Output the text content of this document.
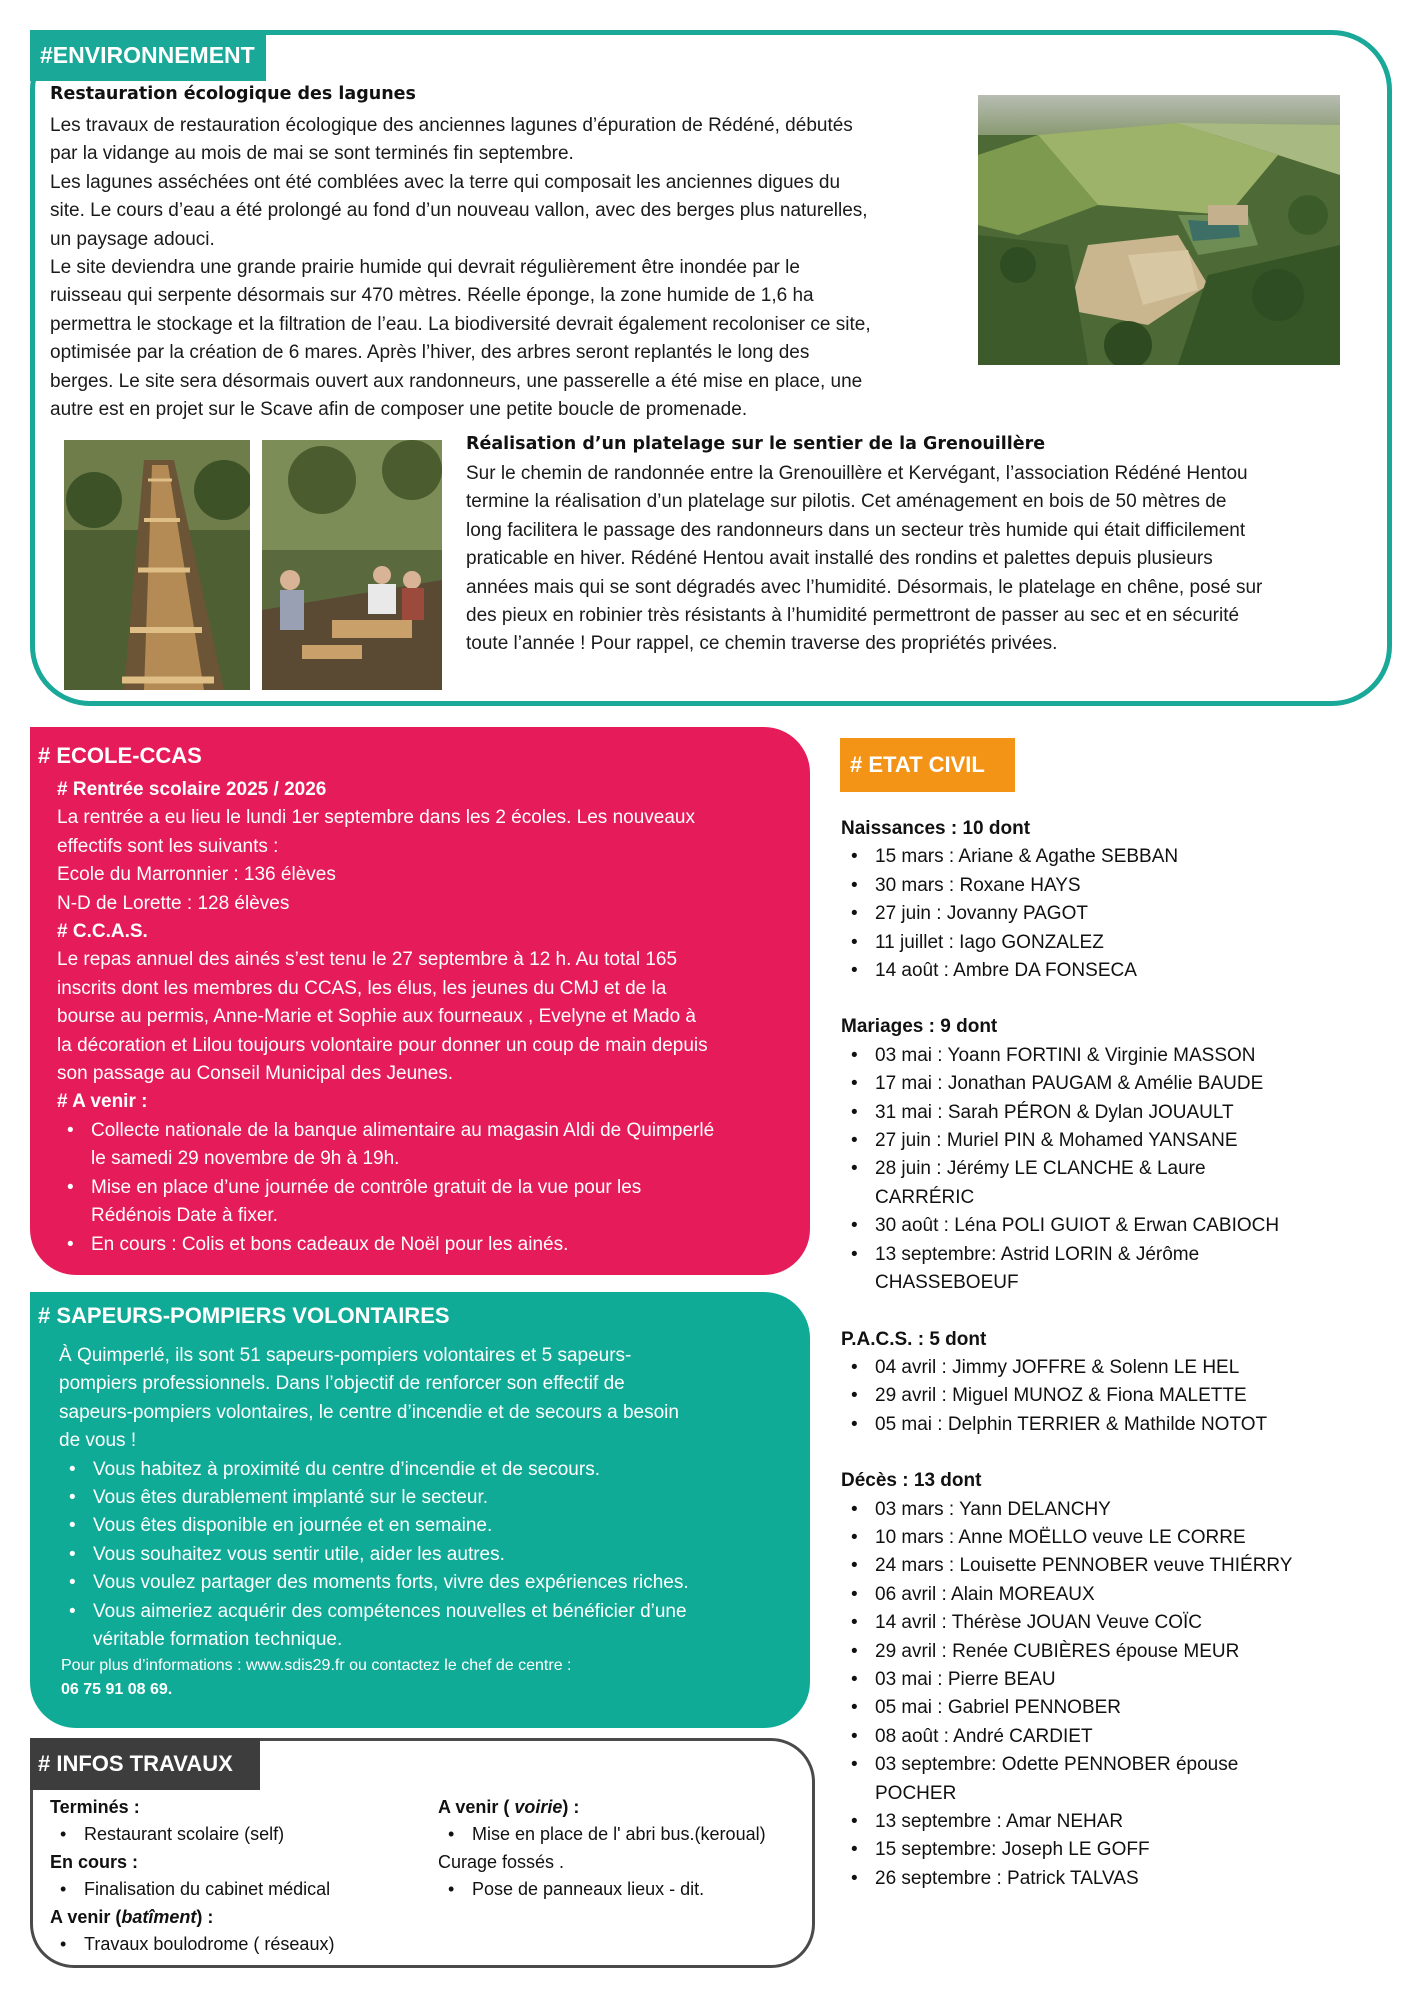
#ENVIRONNEMENT
Restauration écologique des lagunes
Les travaux de restauration écologique des anciennes lagunes d’épuration de Rédéné, débutés
par la vidange au mois de mai se sont terminés fin septembre.
Les lagunes asséchées ont été comblées avec la terre qui composait les anciennes digues du
site. Le cours d’eau a été prolongé au fond d’un nouveau vallon, avec des berges plus naturelles,
un paysage adouci.
Le site deviendra une grande prairie humide qui devrait régulièrement être inondée par le
ruisseau qui serpente désormais sur 470 mètres. Réelle éponge, la zone humide de 1,6 ha
permettra le stockage et la filtration de l’eau. La biodiversité devrait également recoloniser ce site,
optimisée par la création de 6 mares. Après l’hiver, des arbres seront replantés le long des
berges. Le site sera désormais ouvert aux randonneurs, une passerelle a été mise en place, une
autre est en projet sur le Scave afin de composer une petite boucle de promenade.
Réalisation d’un platelage sur le sentier de la Grenouillère
Sur le chemin de randonnée entre la Grenouillère et Kervégant, l’association Rédéné Hentou
termine la réalisation d’un platelage sur pilotis. Cet aménagement en bois de 50 mètres de
long facilitera le passage des randonneurs dans un secteur très humide qui était difficilement
praticable en hiver. Rédéné Hentou avait installé des rondins et palettes depuis plusieurs
années mais qui se sont dégradés avec l’humidité. Désormais, le platelage en chêne, posé sur
des pieux en robinier très résistants à l’humidité permettront de passer au sec et en sécurité
toute l’année ! Pour rappel, ce chemin traverse des propriétés privées.
# ECOLE-CCAS
# Rentrée scolaire 2025 / 2026
La rentrée a eu lieu le lundi 1er septembre dans les 2 écoles. Les nouveaux
effectifs sont les suivants :
Ecole du Marronnier : 136 élèves
N-D de Lorette : 128 élèves
# C.C.A.S.
Le repas annuel des ainés s’est tenu le 27 septembre à 12 h. Au total 165
inscrits dont les membres du CCAS, les élus, les jeunes du CMJ et de la
bourse au permis, Anne-Marie et Sophie aux fourneaux , Evelyne et Mado à
la décoration et Lilou toujours volontaire pour donner un coup de main depuis
son passage au Conseil Municipal des Jeunes.
# A venir :
• Collecte nationale de la banque alimentaire au magasin Aldi de Quimperlé
le samedi 29 novembre de 9h à 19h.
• Mise en place d’une journée de contrôle gratuit de la vue pour les
Rédénois Date à fixer.
• En cours : Colis et bons cadeaux de Noël pour les ainés.
# SAPEURS-POMPIERS VOLONTAIRES
À Quimperlé, ils sont 51 sapeurs-pompiers volontaires et 5 sapeurs-
pompiers professionnels. Dans l’objectif de renforcer son effectif de
sapeurs-pompiers volontaires, le centre d’incendie et de secours a besoin
de vous !
• Vous habitez à proximité du centre d’incendie et de secours.
• Vous êtes durablement implanté sur le secteur.
• Vous êtes disponible en journée et en semaine.
• Vous souhaitez vous sentir utile, aider les autres.
• Vous voulez partager des moments forts, vivre des expériences riches.
• Vous aimeriez acquérir des compétences nouvelles et bénéficier d’une
véritable formation technique.
Pour plus d’informations : www.sdis29.fr ou contactez le chef de centre :
06 75 91 08 69.
# INFOS TRAVAUX
Terminés :
• Restaurant scolaire (self)
En cours :
• Finalisation du cabinet médical
A venir (batîment) :
• Travaux boulodrome ( réseaux)
A venir ( voirie) :
• Mise en place de l' abri bus.(keroual)
Curage fossés .
• Pose de panneaux lieux - dit.
# ETAT CIVIL
Naissances : 10 dont
• 15 mars : Ariane & Agathe SEBBAN
• 30 mars : Roxane HAYS
• 27 juin : Jovanny PAGOT
• 11 juillet : Iago GONZALEZ
• 14 août : Ambre DA FONSECA
Mariages : 9 dont
• 03 mai : Yoann FORTINI & Virginie MASSON
• 17 mai : Jonathan PAUGAM & Amélie BAUDE
• 31 mai : Sarah PÉRON & Dylan JOUAULT
• 27 juin : Muriel PIN & Mohamed YANSANE
• 28 juin : Jérémy LE CLANCHE & Laure
CARRÉRIC
• 30 août : Léna POLI GUIOT & Erwan CABIOCH
• 13 septembre: Astrid LORIN & Jérôme
CHASSEBOEUF
P.A.C.S. : 5 dont
• 04 avril : Jimmy JOFFRE & Solenn LE HEL
• 29 avril : Miguel MUNOZ & Fiona MALETTE
• 05 mai : Delphin TERRIER & Mathilde NOTOT
Décès : 13 dont
• 03 mars : Yann DELANCHY
• 10 mars : Anne MOËLLO veuve LE CORRE
• 24 mars : Louisette PENNOBER veuve THIÉRRY
• 06 avril : Alain MOREAUX
• 14 avril : Thérèse JOUAN Veuve COÏC
• 29 avril : Renée CUBIÈRES épouse MEUR
• 03 mai : Pierre BEAU
• 05 mai : Gabriel PENNOBER
• 08 août : André CARDIET
• 03 septembre: Odette PENNOBER épouse
POCHER
• 13 septembre : Amar NEHAR
• 15 septembre: Joseph LE GOFF
• 26 septembre : Patrick TALVAS
